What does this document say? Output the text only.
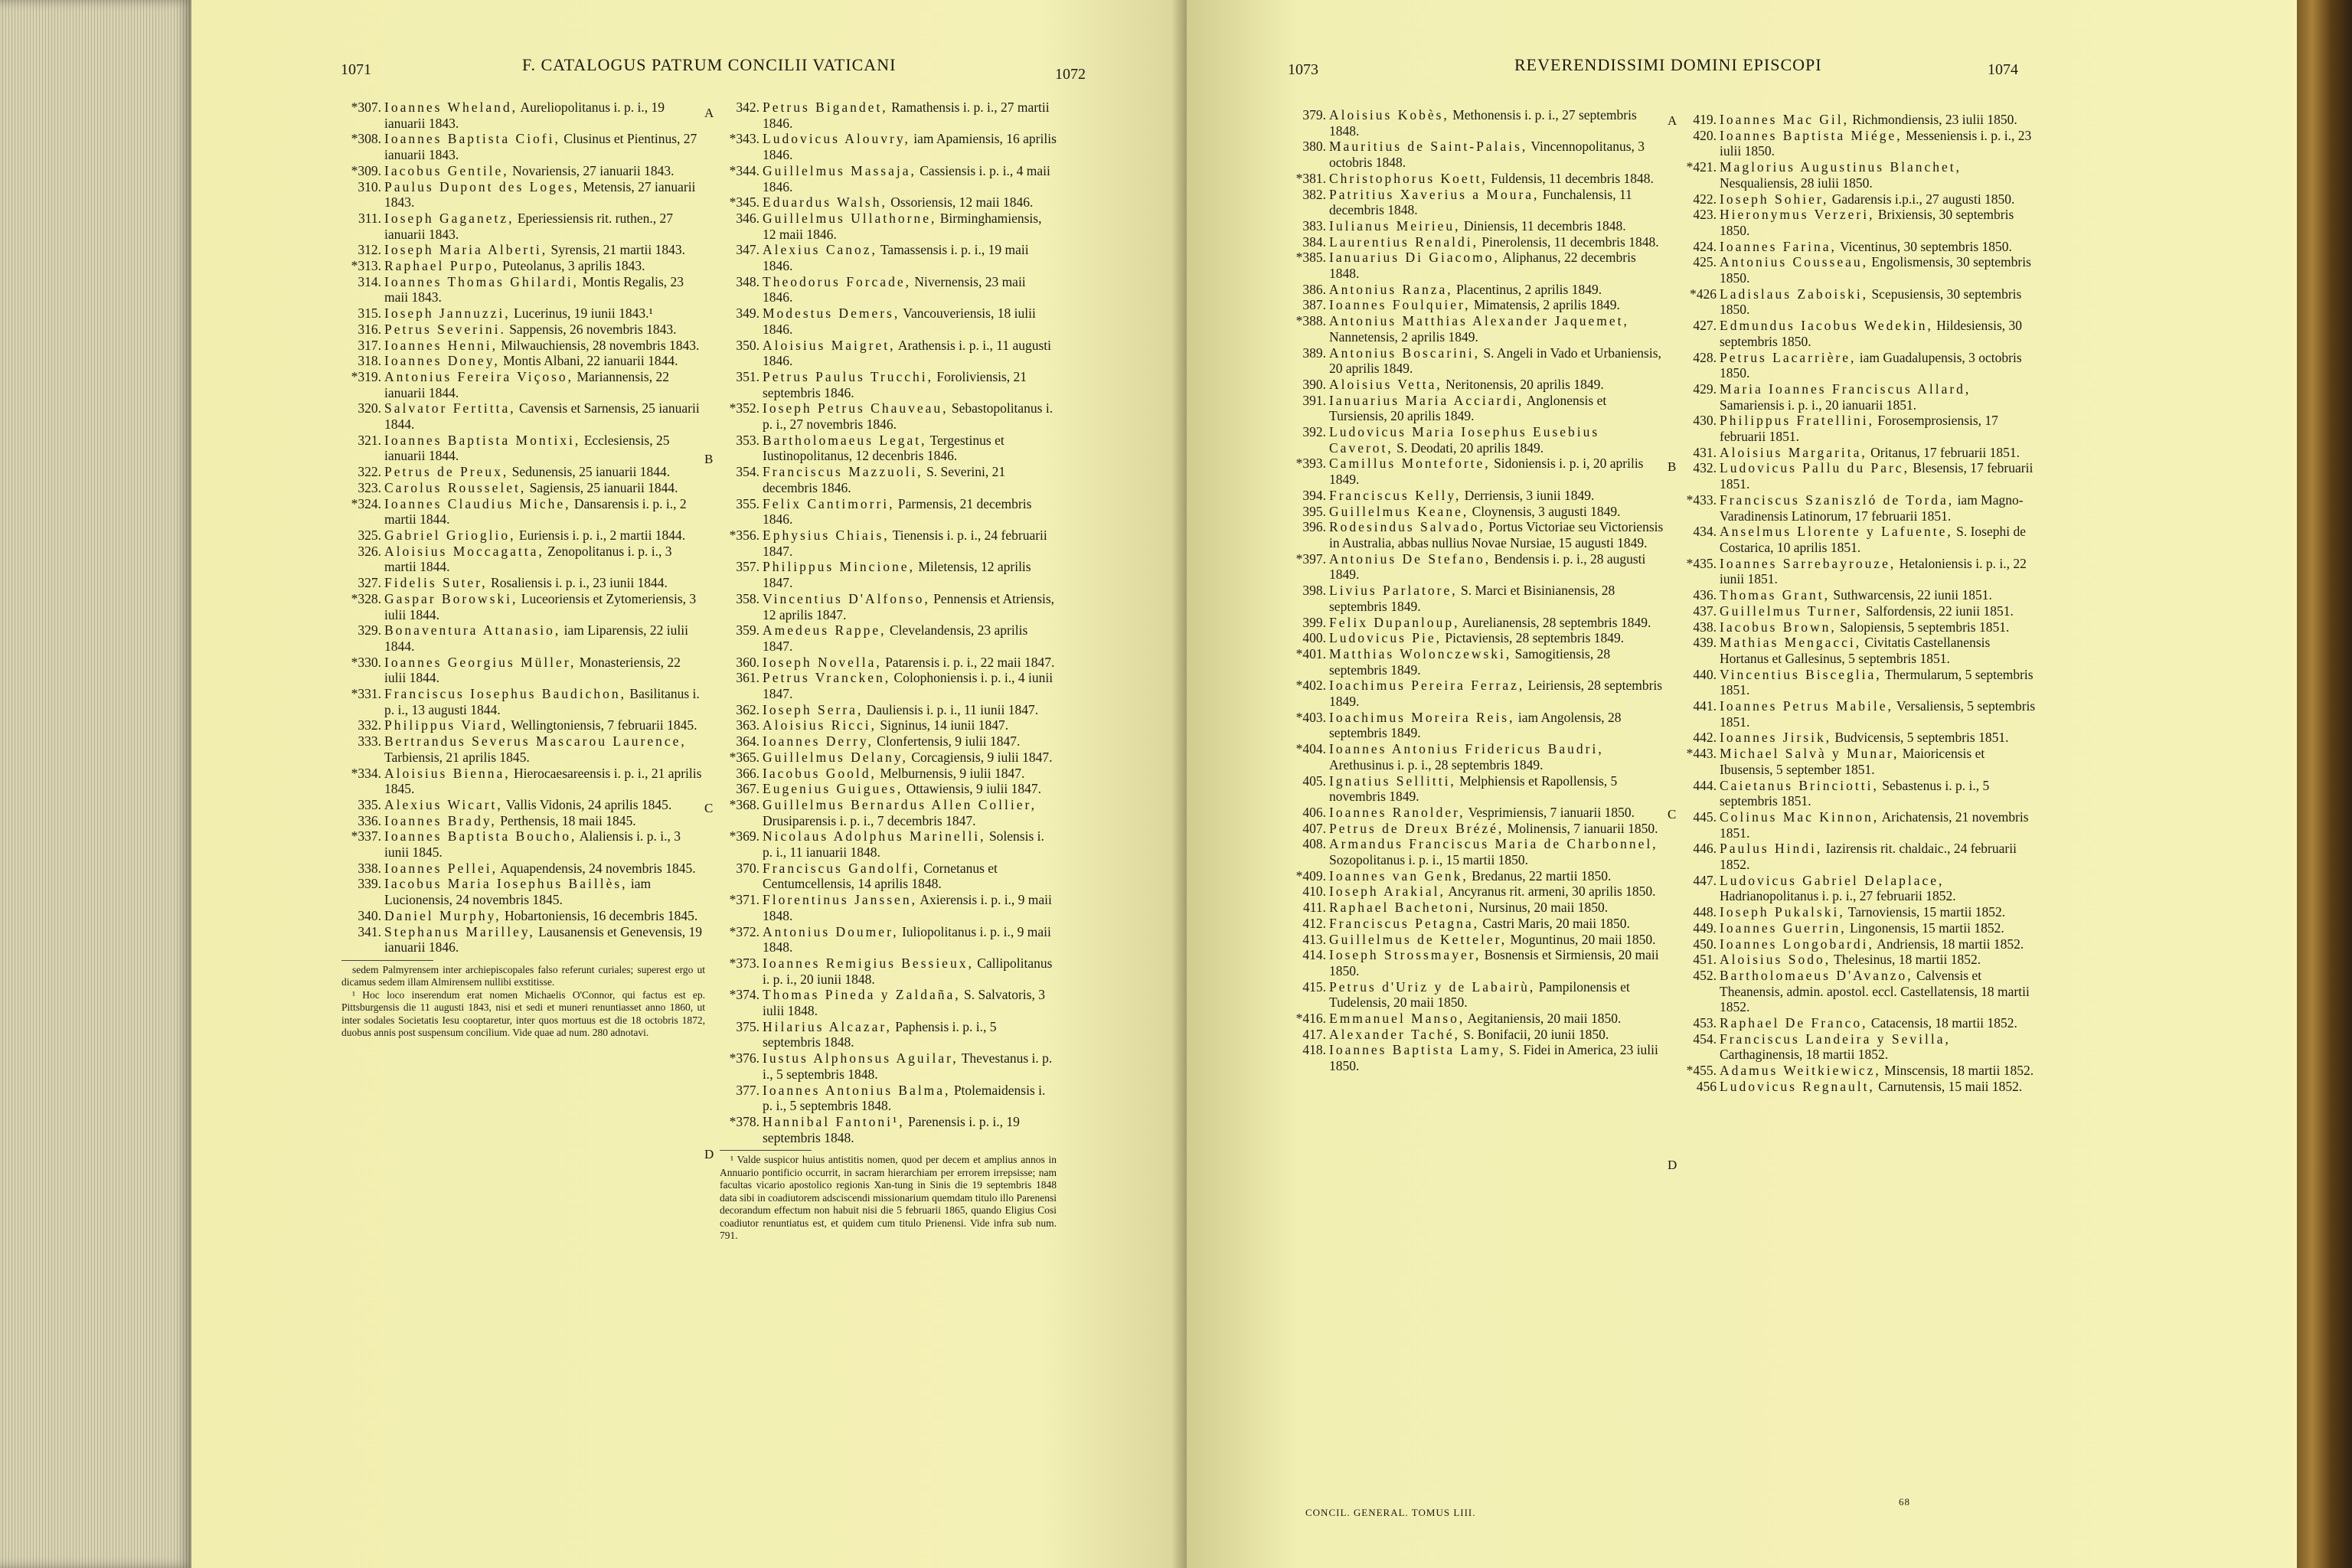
1071	F. CATALOGUS PATRUM CONCILII VATICANI	1072

*307. Ioannes Wheland, Aureliopolitanus i. p. i., 19 ianuarii 1843.

*308. Ioannes Baptista Ciofi, Clusinus et Pientinus, 27 ianuarii 1843.

*309. Iacobus Gentile, Novariensis, 27 ianuarii 1843.

310. Paulus Dupont des Loges, Metensis, 27 ianuarii 1843.

311. Ioseph Gaganetz, Eperiessiensis rit. ruthen., 27 ianuarii 1843.

312. Ioseph Maria Alberti, Syrensis, 21 martii 1843.

*313. Raphael Purpo, Puteolanus, 3 aprilis 1843.

314. Ioannes Thomas Ghilardi, Montis Regalis, 23 maii 1843.

315. Ioseph Jannuzzi, Lucerinus, 19 iunii 1843.¹

316. Petrus Severini. Sappensis, 26 novembris 1843.

317. Ioannes Henni, Milwauchiensis, 28 novembris 1843.

318. Ioannes Doney, Montis Albani, 22 ianuarii 1844.

*319. Antonius Fereira Viçoso, Mariannensis, 22 ianuarii 1844.

320. Salvator Fertitta, Cavensis et Sarnensis, 25 ianuarii 1844.

321. Ioannes Baptista Montixi, Ecclesiensis, 25 ianuarii 1844.

322. Petrus de Preux, Sedunensis, 25 ianuarii 1844.

323. Carolus Rousselet, Sagiensis, 25 ianuarii 1844.

*324. Ioannes Claudius Miche, Dansarensis i. p. i., 2 martii 1844.

325. Gabriel Grioglio, Euriensis i. p. i., 2 martii 1844.

326. Aloisius Moccagatta, Zenopolitanus i. p. i., 3 martii 1844.

327. Fidelis Suter, Rosaliensis i. p. i., 23 iunii 1844.

*328. Gaspar Borowski, Luceoriensis et Zytomeriensis, 3 iulii 1844.

329. Bonaventura Attanasio, iam Liparensis, 22 iulii 1844.

*330. Ioannes Georgius Müller, Monasteriensis, 22 iulii 1844.

*331. Franciscus Iosephus Baudichon, Basilitanus i. p. i., 13 augusti 1844.

332. Philippus Viard, Wellingtoniensis, 7 februarii 1845.

333. Bertrandus Severus Mascarou Laurence, Tarbiensis, 21 aprilis 1845.

*334. Aloisius Bienna, Hierocaesareensis i. p. i., 21 aprilis 1845.

335. Alexius Wicart, Vallis Vidonis, 24 aprilis 1845.

336. Ioannes Brady, Perthensis, 18 maii 1845.

*337. Ioannes Baptista Boucho, Alaliensis i. p. i., 3 iunii 1845.

338. Ioannes Pellei, Aquapendensis, 24 novembris 1845.

339. Iacobus Maria Iosephus Baillès, iam Lucionensis, 24 novembris 1845.

340. Daniel Murphy, Hobartoniensis, 16 decembris 1845.

341. Stephanus Marilley, Lausanensis et Genevensis, 19 ianuarii 1846.

sedem Palmyrensem inter archiepiscopales falso referunt curiales; superest ergo ut dicamus sedem illam Almirensem nullibi exstitisse.
¹ Hoc loco inserendum erat nomen Michaelis O'Connor, qui factus est ep. Pittsburgensis die 11 augusti 1843, nisi et sedi et muneri renuntiasset anno 1860, ut inter sodales Societatis Iesu cooptaretur, inter quos mortuus est die 18 octobris 1872, duobus annis post suspensum concilium. Vide quae ad num. 280 adnotavi.

342. Petrus Bigandet, Ramathensis i. p. i., 27 martii 1846.

*343. Ludovicus Alouvry, iam Apamiensis, 16 aprilis 1846.

*344. Guillelmus Massaja, Cassiensis i. p. i., 4 maii 1846.

*345. Eduardus Walsh, Ossoriensis, 12 maii 1846.

346. Guillelmus Ullathorne, Birminghamiensis, 12 maii 1846.

347. Alexius Canoz, Tamassensis i. p. i., 19 maii 1846.

348. Theodorus Forcade, Nivernensis, 23 maii 1846.

349. Modestus Demers, Vancouveriensis, 18 iulii 1846.

350. Aloisius Maigret, Arathensis i. p. i., 11 augusti 1846.

351. Petrus Paulus Trucchi, Foroliviensis, 21 septembris 1846.

*352. Ioseph Petrus Chauveau, Sebastopolitanus i. p. i., 27 novembris 1846.

353. Bartholomaeus Legat, Tergestinus et Iustinopolitanus, 12 decenbris 1846.

354. Franciscus Mazzuoli, S. Severini, 21 decembris 1846.

355. Felix Cantimorri, Parmensis, 21 decembris 1846.

*356. Ephysius Chiais, Tienensis i. p. i., 24 februarii 1847.

357. Philippus Mincione, Miletensis, 12 aprilis 1847.

358. Vincentius D'Alfonso, Pennensis et Atriensis, 12 aprilis 1847.

359. Amedeus Rappe, Clevelandensis, 23 aprilis 1847.

360. Ioseph Novella, Patarensis i. p. i., 22 maii 1847.

361. Petrus Vrancken, Colophoniensis i. p. i., 4 iunii 1847.

362. Ioseph Serra, Dauliensis i. p. i., 11 iunii 1847.

363. Aloisius Ricci, Signinus, 14 iunii 1847.

364. Ioannes Derry, Clonfertensis, 9 iulii 1847.

*365. Guillelmus Delany, Corcagiensis, 9 iulii 1847.

366. Iacobus Goold, Melburnensis, 9 iulii 1847.

367. Eugenius Guigues, Ottawiensis, 9 iulii 1847.

*368. Guillelmus Bernardus Allen Collier, Drusiparensis i. p. i., 7 decembris 1847.

*369. Nicolaus Adolphus Marinelli, Solensis i. p. i., 11 ianuarii 1848.

370. Franciscus Gandolfi, Cornetanus et Centumcellensis, 14 aprilis 1848.

*371. Florentinus Janssen, Axierensis i. p. i., 9 maii 1848.

*372. Antonius Doumer, Iuliopolitanus i. p. i., 9 maii 1848.

*373. Ioannes Remigius Bessieux, Callipolitanus i. p. i., 20 iunii 1848.

*374. Thomas Pineda y Zaldaña, S. Salvatoris, 3 iulii 1848.

375. Hilarius Alcazar, Paphensis i. p. i., 5 septembris 1848.

*376. Iustus Alphonsus Aguilar, Thevestanus i. p. i., 5 septembris 1848.

377. Ioannes Antonius Balma, Ptolemaidensis i. p. i., 5 septembris 1848.

*378. Hannibal Fantoni¹, Parenensis i. p. i., 19 septembris 1848.

¹ Valde suspicor huius antistitis nomen, quod per decem et amplius annos in Annuario pontificio occurrit, in sacram hierarchiam per errorem irrepsisse; nam facultas vicario apostolico regionis Xan-tung in Sinis die 19 septembris 1848 data sibi in coadiutorem adsciscendi missionarium quemdam titulo illo Parenensi decorandum effectum non habuit nisi die 5 februarii 1865, quando Eligius Cosi coadiutor renuntiatus est, et quidem cum titulo Prienensi. Vide infra sub num. 791.
A
B
C
D
1073	REVERENDISSIMI DOMINI EPISCOPI	1074

379. Aloisius Kobès, Methonensis i. p. i., 27 septembris 1848.

380. Mauritius de Saint-Palais, Vincennopolitanus, 3 octobris 1848.

*381. Christophorus Koett, Fuldensis, 11 decembris 1848.

382. Patritius Xaverius a Moura, Funchalensis, 11 decembris 1848.

383. Iulianus Meirieu, Diniensis, 11 decembris 1848.

384. Laurentius Renaldi, Pinerolensis, 11 decembris 1848.

*385. Ianuarius Di Giacomo, Aliphanus, 22 decembris 1848.

386. Antonius Ranza, Placentinus, 2 aprilis 1849.

387. Ioannes Foulquier, Mimatensis, 2 aprilis 1849.

*388. Antonius Matthias Alexander Jaquemet, Nannetensis, 2 aprilis 1849.

389. Antonius Boscarini, S. Angeli in Vado et Urbaniensis, 20 aprilis 1849.

390. Aloisius Vetta, Neritonensis, 20 aprilis 1849.

391. Ianuarius Maria Acciardi, Anglonensis et Tursiensis, 20 aprilis 1849.

392. Ludovicus Maria Iosephus Eusebius Caverot, S. Deodati, 20 aprilis 1849.

*393. Camillus Monteforte, Sidoniensis i. p. i, 20 aprilis 1849.

394. Franciscus Kelly, Derriensis, 3 iunii 1849.

395. Guillelmus Keane, Cloynensis, 3 augusti 1849.

396. Rodesindus Salvado, Portus Victoriae seu Victoriensis in Australia, abbas nullius Novae Nursiae, 15 augusti 1849.

*397. Antonius De Stefano, Bendensis i. p. i., 28 augusti 1849.

398. Livius Parlatore, S. Marci et Bisinianensis, 28 septembris 1849.

399. Felix Dupanloup, Aurelianensis, 28 septembris 1849.

400. Ludovicus Pie, Pictaviensis, 28 septembris 1849.

*401. Matthias Wolonczewski, Samogitiensis, 28 septembris 1849.

*402. Ioachimus Pereira Ferraz, Leiriensis, 28 septembris 1849.

*403. Ioachimus Moreira Reis, iam Angolensis, 28 septembris 1849.

*404. Ioannes Antonius Fridericus Baudri, Arethusinus i. p. i., 28 septembris 1849.

405. Ignatius Sellitti, Melphiensis et Rapollensis, 5 novembris 1849.

406. Ioannes Ranolder, Vesprimiensis, 7 ianuarii 1850.

407. Petrus de Dreux Brézé, Molinensis, 7 ianuarii 1850.

408. Armandus Franciscus Maria de Charbonnel, Sozopolitanus i. p. i., 15 martii 1850.

*409. Ioannes van Genk, Bredanus, 22 martii 1850.

410. Ioseph Arakial, Ancyranus rit. armeni, 30 aprilis 1850.

411. Raphael Bachetoni, Nursinus, 20 maii 1850.

412. Franciscus Petagna, Castri Maris, 20 maii 1850.

413. Guillelmus de Ketteler, Moguntinus, 20 maii 1850.

414. Ioseph Strossmayer, Bosnensis et Sirmiensis, 20 maii 1850.

415. Petrus d'Uriz y de Labairù, Pampilonensis et Tudelensis, 20 maii 1850.

*416. Emmanuel Manso, Aegitaniensis, 20 maii 1850.

417. Alexander Taché, S. Bonifacii, 20 iunii 1850.

418. Ioannes Baptista Lamy, S. Fidei in America, 23 iulii 1850.

419. Ioannes Mac Gil, Richmondiensis, 23 iulii 1850.

420. Ioannes Baptista Miége, Messeniensis i. p. i., 23 iulii 1850.

*421. Maglorius Augustinus Blanchet, Nesqualiensis, 28 iulii 1850.

422. Ioseph Sohier, Gadarensis i.p.i., 27 augusti 1850.

423. Hieronymus Verzeri, Brixiensis, 30 septembris 1850.

424. Ioannes Farina, Vicentinus, 30 septembris 1850.

425. Antonius Cousseau, Engolismensis, 30 septembris 1850.

*426 Ladislaus Zaboiski, Scepusiensis, 30 septembris 1850.

427. Edmundus Iacobus Wedekin, Hildesiensis, 30 septembris 1850.

428. Petrus Lacarrière, iam Guadalupensis, 3 octobris 1850.

429. Maria Ioannes Franciscus Allard, Samariensis i. p. i., 20 ianuarii 1851.

430. Philippus Fratellini, Forosemprosiensis, 17 februarii 1851.

431. Aloisius Margarita, Oritanus, 17 februarii 1851.

432. Ludovicus Pallu du Parc, Blesensis, 17 februarii 1851.

*433. Franciscus Szaniszló de Torda, iam Magno-Varadinensis Latinorum, 17 februarii 1851.

434. Anselmus Llorente y Lafuente, S. Iosephi de Costarica, 10 aprilis 1851.

*435. Ioannes Sarrebayrouze, Hetaloniensis i. p. i., 22 iunii 1851.

436. Thomas Grant, Suthwarcensis, 22 iunii 1851.

437. Guillelmus Turner, Salfordensis, 22 iunii 1851.

438. Iacobus Brown, Salopiensis, 5 septembris 1851.

439. Mathias Mengacci, Civitatis Castellanensis Hortanus et Gallesinus, 5 septembris 1851.

440. Vincentius Bisceglia, Thermularum, 5 septembris 1851.

441. Ioannes Petrus Mabile, Versaliensis, 5 septembris 1851.

442. Ioannes Jirsik, Budvicensis, 5 septembris 1851.

*443. Michael Salvà y Munar, Maioricensis et Ibusensis, 5 september 1851.

444. Caietanus Brinciotti, Sebastenus i. p. i., 5 septembris 1851.

445. Colinus Mac Kinnon, Arichatensis, 21 novembris 1851.

446. Paulus Hindi, Iazirensis rit. chaldaic., 24 februarii 1852.

447. Ludovicus Gabriel Delaplace, Hadrianopolitanus i. p. i., 27 februarii 1852.

448. Ioseph Pukalski, Tarnoviensis, 15 martii 1852.

449. Ioannes Guerrin, Lingonensis, 15 martii 1852.

450. Ioannes Longobardi, Andriensis, 18 martii 1852.

451. Aloisius Sodo, Thelesinus, 18 martii 1852.

452. Bartholomaeus D'Avanzo, Calvensis et Theanensis, admin. apostol. eccl. Castellatensis, 18 martii 1852.

453. Raphael De Franco, Catacensis, 18 martii 1852.

454. Franciscus Landeira y Sevilla, Carthaginensis, 18 martii 1852.

*455. Adamus Weitkiewicz, Minscensis, 18 martii 1852.

456 Ludovicus Regnault, Carnutensis, 15 maii 1852.

A
B
C
D
CONCIL. GENERAL. TOMUS LIII.
68
